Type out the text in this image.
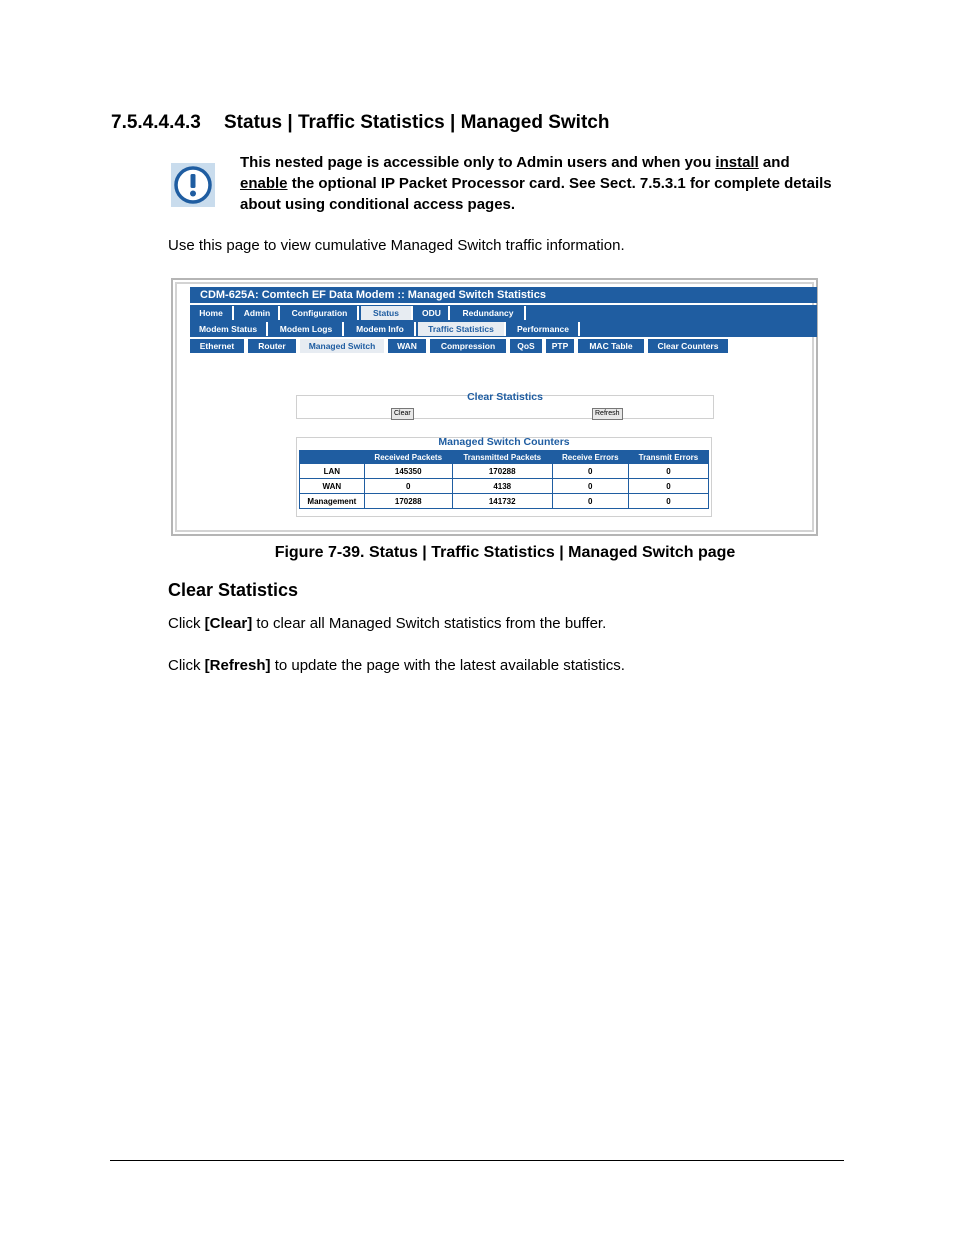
7.5.4.4.4.3 Status | Traffic Statistics | Managed Switch
This nested page is accessible only to Admin users and when you install and enable the optional IP Packet Processor card. See Sect. 7.5.3.1 for complete details about using conditional access pages.
Use this page to view cumulative Managed Switch traffic information.
CDM-625A: Comtech EF Data Modem :: Managed Switch Statistics
Home	Admin	Configuration	Status	ODU	Redundancy
Modem Status	Modem Logs	Modem Info	Traffic Statistics	Performance
Ethernet	Router	Managed Switch	WAN	Compression	QoS	PTP	MAC Table	Clear Counters
Clear Statistics
Clear	Refresh
Managed Switch Counters
	Received Packets	Transmitted Packets	Receive Errors	Transmit Errors
LAN	145350	170288	0	0
WAN	0	4138	0	0
Management	170288	141732	0	0
Figure 7-39. Status | Traffic Statistics | Managed Switch page
Clear Statistics
Click [Clear] to clear all Managed Switch statistics from the buffer.
Click [Refresh] to update the page with the latest available statistics.
